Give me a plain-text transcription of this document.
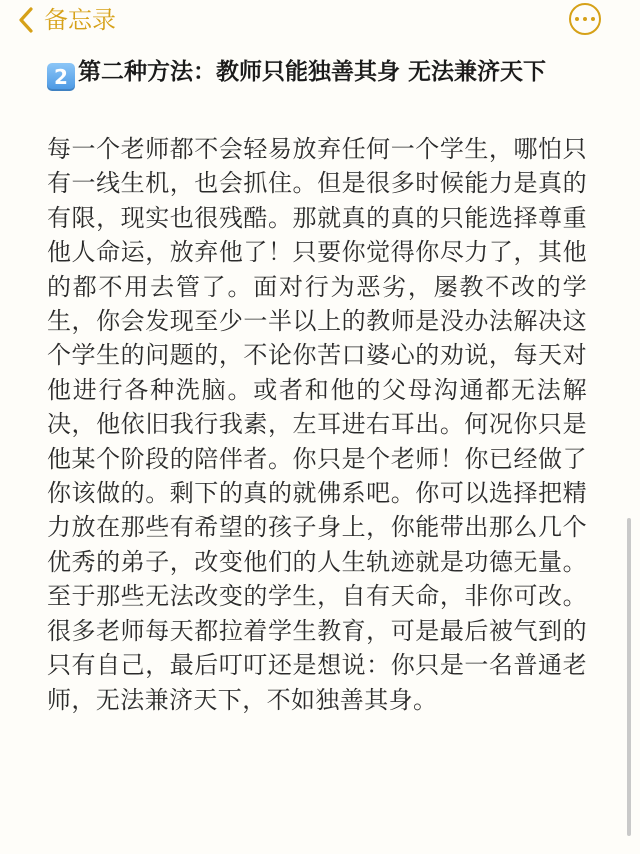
备忘录
2 第二种方法：教师只能独善其身 无法兼济天下

每一个老师都不会轻易放弃任何一个学生，哪怕只有一线生机，也会抓住。但是很多时候能力是真的有限，现实也很残酷。那就真的真的只能选择尊重他人命运，放弃他了！只要你觉得你尽力了，其他的都不用去管了。面对行为恶劣，屡教不改的学生，你会发现至少一半以上的教师是没办法解决这个学生的问题的，不论你苦口婆心的劝说，每天对他进行各种洗脑。或者和他的父母沟通都无法解决，他依旧我行我素，左耳进右耳出。何况你只是他某个阶段的陪伴者。你只是个老师！你已经做了你该做的。剩下的真的就佛系吧。你可以选择把精力放在那些有希望的孩子身上，你能带出那么几个优秀的弟子，改变他们的人生轨迹就是功德无量。至于那些无法改变的学生，自有天命，非你可改。很多老师每天都拉着学生教育，可是最后被气到的只有自己，最后叮叮还是想说：你只是一名普通老师，无法兼济天下，不如独善其身。
